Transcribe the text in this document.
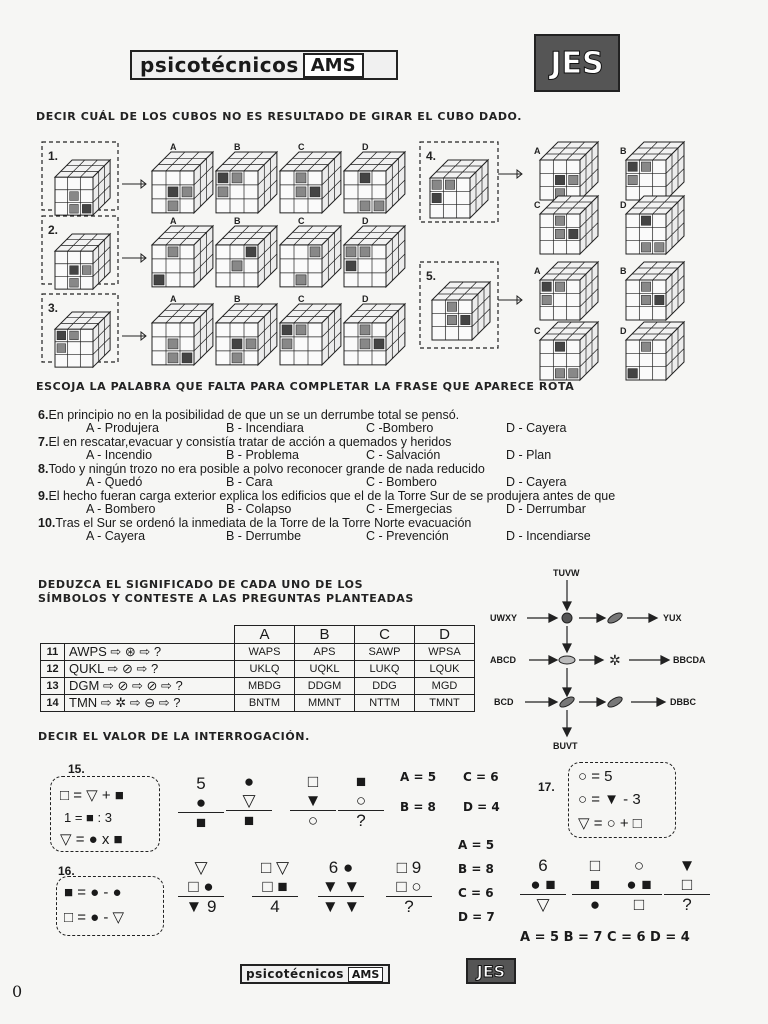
psicotécnicos AMS	JES
DECIR CUÁL DE LOS CUBOS NO ES RESULTADO DE GIRAR EL CUBO DADO.
1.
A	B	C	D
2.
A	B	C	D
3.
A	B	C	D
4.	A	B
C	D
5.	A	B
C	D
ESCOJA LA PALABRA QUE FALTA PARA COMPLETAR LA FRASE QUE APARECE ROTA
6.En principio no en la posibilidad de que un se un derrumbe total se pensó.
A - Produjera	B - Incendiara	C -Bombero	D - Cayera
7.El en rescatar,evacuar y consistía tratar de acción a quemados y heridos
A - Incendio	B - Problema	C - Salvación	D - Plan
8.Todo y ningún trozo no era posible a polvo reconocer grande de nada reducido
A - Quedó	B - Cara	C - Bombero	D - Cayera
9.El hecho fueran carga exterior explica los edificios que el de la Torre Sur de se produjera antes de que
A - Bombero	B - Colapso	C - Emergecias	D - Derrumbar
10.Tras el Sur se ordenó la inmediata de la Torre de la Torre Norte evacuación
A - Cayera	B - Derrumbe	C - Prevención	D - Incendiarse
DEDUZCA EL SIGNIFICADO DE CADA UNO DE LOS
SÍMBOLOS Y CONTESTE A LAS PREGUNTAS PLANTEADAS
		A	B	C	D
11	AWPS ⇨ ⊛ ⇨ ?	WAPS	APS	SAWP	WPSA
12	QUKL ⇨ ⊘ ⇨ ?	UKLQ	UQKL	LUKQ	LQUK
13	DGM ⇨ ⊘ ⇨ ⊘ ⇨ ?	MBDG	DDGM	DDG	MGD
14	TMN ⇨ ✲ ⇨ ⊖ ⇨ ?	BNTM	MMNT	NTTM	TMNT
✲
TUVW
UWXY	YUX
ABCD	BBCDA
BCD	DBBC
BUVT
DECIR EL VALOR DE LA INTERROGACIÓN.
15.
□ = ▽ + ■
1 = ■ : 3
▽ = ● x ■
5
●
■
●
▽
■
□
▼
○
■
○
?
A = 5 C = 6
B = 8 D = 4
16.
■ = ● - ●
□ = ● - ▽
▽
□ ●
▼ 9
□ ▽
□ ■
4
6 ●
▼ ▼
▼ ▼
□ 9
□ ○
?
A = 5
B = 8
C = 6
D = 7
17.
○ = 5
○ = ▼ - 3
▽ = ○ + □
6
● ■
▽
□
■
●
○
● ■
□
▼
□
?
A = 5 B = 7 C = 6 D = 4
psicotécnicos AMS	JES
0
